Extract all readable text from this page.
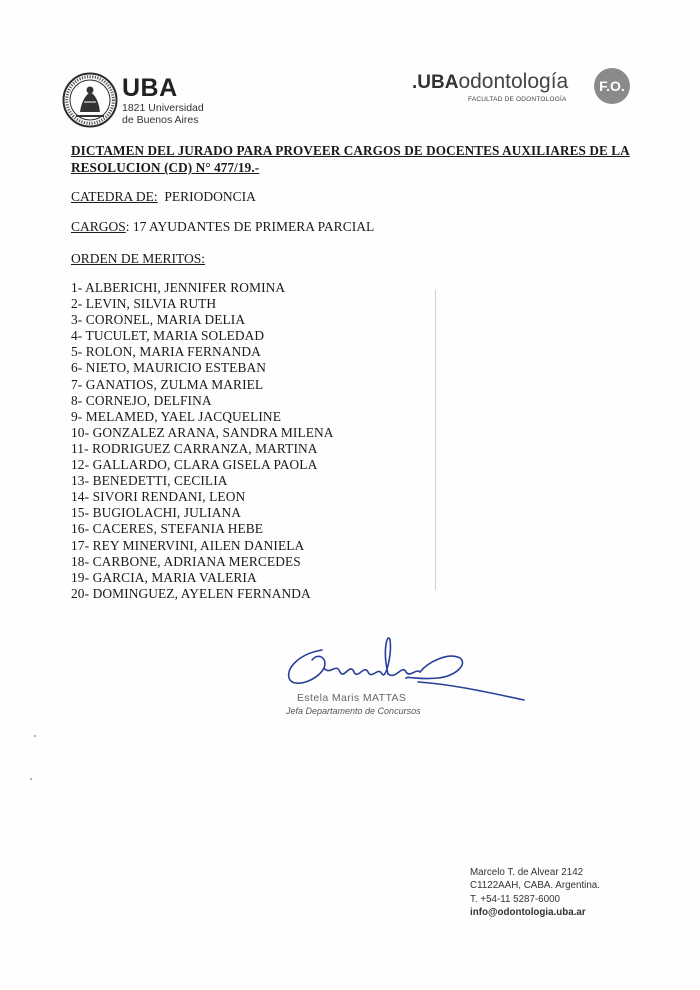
UBA
1821 Universidad
de Buenos Aires
.UBAodontología
FACULTAD DE ODONTOLOGÍA
F.O.
DICTAMEN DEL JURADO PARA PROVEER CARGOS DE DOCENTES AUXILIARES DE LA RESOLUCION (CD) N° 477/19.-
CATEDRA DE: PERIODONCIA
CARGOS: 17 AYUDANTES DE PRIMERA PARCIAL
ORDEN DE MERITOS:
1- ALBERICHI, JENNIFER ROMINA
2- LEVIN, SILVIA RUTH
3- CORONEL, MARIA DELIA
4- TUCULET, MARIA SOLEDAD
5- ROLON, MARIA FERNANDA
6- NIETO, MAURICIO ESTEBAN
7- GANATIOS, ZULMA MARIEL
8- CORNEJO, DELFINA
9- MELAMED, YAEL JACQUELINE
10- GONZALEZ ARANA, SANDRA MILENA
11- RODRIGUEZ CARRANZA, MARTINA
12- GALLARDO, CLARA GISELA PAOLA
13- BENEDETTI, CECILIA
14- SIVORI RENDANI, LEON
15- BUGIOLACHI, JULIANA
16- CACERES, STEFANIA HEBE
17- REY MINERVINI, AILEN DANIELA
18- CARBONE, ADRIANA MERCEDES
19- GARCIA, MARIA VALERIA
20- DOMINGUEZ, AYELEN FERNANDA
Estela Maris MATTAS
Jefa Departamento de Concursos
Marcelo T. de Alvear 2142
C1122AAH, CABA. Argentina.
T. +54-11 5287-6000
info@odontologia.uba.ar
